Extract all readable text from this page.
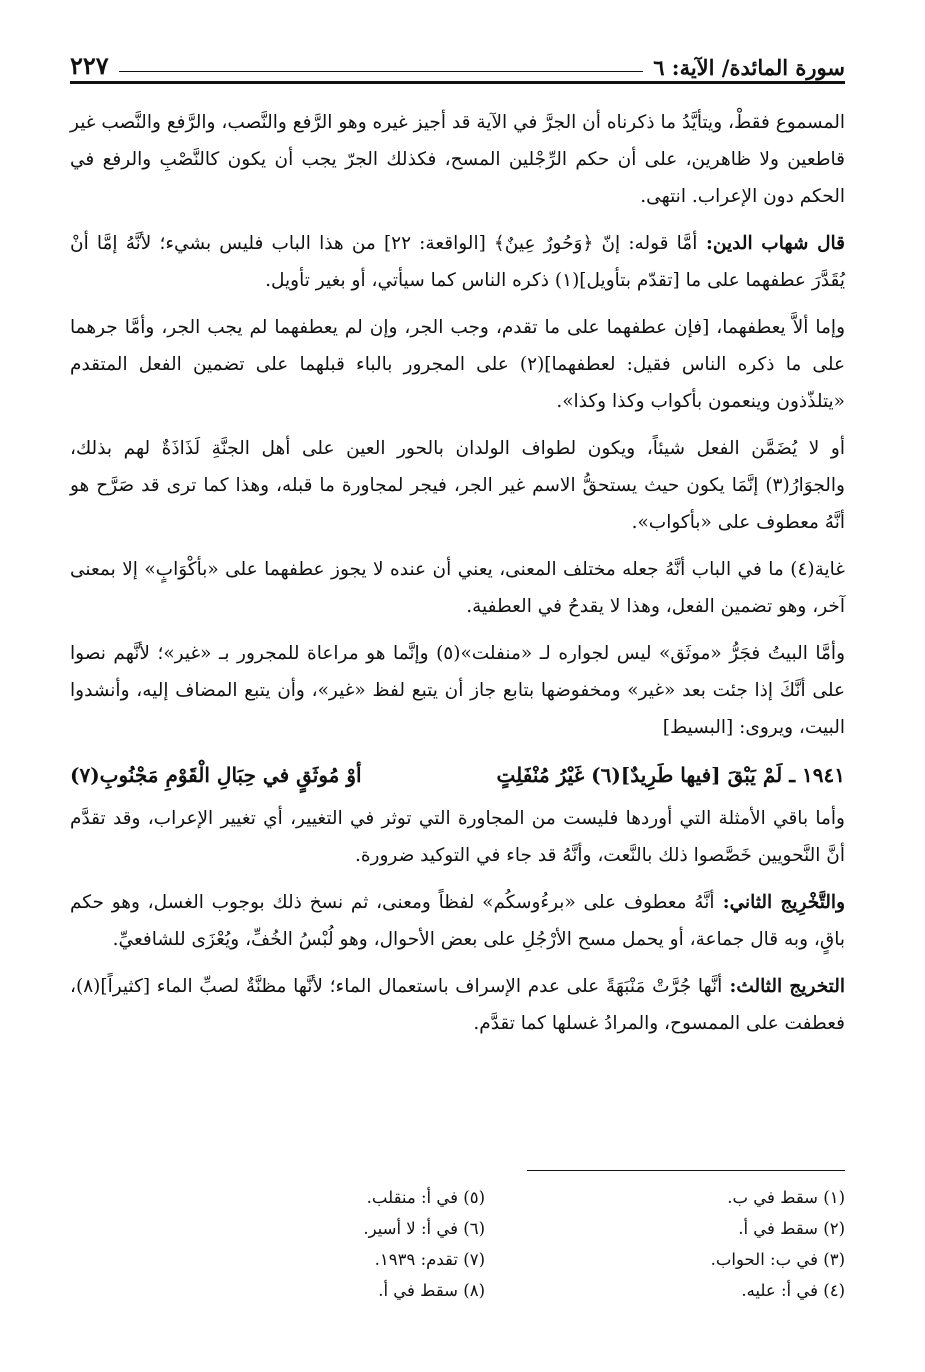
سورة المائدة/ الآية: ٦
٢٢٧

المسموع فقطْ، ويتأيَّدُ ما ذكرناه أن الجرَّ في الآية قد أجيز غيره وهو الرَّفع والنَّصب، والرَّفع والنَّصب غير قاطعين ولا ظاهرين، على أن حكم الرِّجْلين المسح، فكذلك الجرّ يجب أن يكون كالنَّصْبِ والرفع في الحكم دون الإعراب. انتهى.

قال شهاب الدين: أمَّا قوله: إنّ ﴿وَحُورٌ عِينٌ﴾ [الواقعة: ٢٢] من هذا الباب فليس بشيء؛ لأنَّهُ إمَّا أنْ يُقَدَّرَ عطفهما على ما [تقدّم بتأويل](١) ذكره الناس كما سيأتي، أو بغير تأويل.

وإما ألاَّ يعطفهما، [فإن عطفهما على ما تقدم، وجب الجر، وإن لم يعطفهما لم يجب الجر، وأمَّا جرهما على ما ذكره الناس فقيل: لعطفهما](٢) على المجرور بالباء قبلهما على تضمين الفعل المتقدم «يتلذّذون وينعمون بأكواب وكذا وكذا».

أو لا يُضَمَّن الفعل شيئاً، ويكون لطواف الولدان بالحور العين على أهل الجنَّةِ لَذَاذَةٌ لهم بذلك، والجوَارُ(٣) إنَّمَا يكون حيث يستحقُّ الاسم غير الجر، فيجر لمجاورة ما قبله، وهذا كما ترى قد صَرَّح هو أنَّهُ معطوف على «بأكواب».

غاية(٤) ما في الباب أنَّهُ جعله مختلف المعنى، يعني أن عنده لا يجوز عطفهما على «بأكْوَابٍ» إلا بمعنى آخر، وهو تضمين الفعل، وهذا لا يقدحُ في العطفية.

وأمَّا البيتُ فجَرُّ «موثَق» ليس لجواره لـ «منفلت»(٥) وإنَّما هو مراعاة للمجرور بـ «غير»؛ لأنَّهم نصوا على أنَّكَ إذا جئت بعد «غير» ومخفوضها بتابع جاز أن يتبع لفظ «غير»، وأن يتبع المضاف إليه، وأنشدوا البيت، ويروى: [البسيط]

١٩٤١ ـ لَمْ يَبْقَ [فيها طَرِيدٌ](٦) غَيْرُ مُنْفَلِتٍ
أوْ مُوثَقٍ في حِبَالِ الْقَوْمِ مَجْنُوبِ(٧)

وأما باقي الأمثلة التي أوردها فليست من المجاورة التي توثر في التغيير، أي تغيير الإعراب، وقد تقدَّم أنَّ النَّحويين خَصَّصوا ذلك بالنَّعت، وأنَّهُ قد جاء في التوكيد ضرورة.

والتَّخْرِيج الثاني: أنَّهُ معطوف على «برءُوسكُم» لفظاً ومعنى، ثم نسخ ذلك بوجوب الغسل، وهو حكم باقٍ، وبه قال جماعة، أو يحمل مسح الأرْجُلِ على بعض الأحوال، وهو لُبْسُ الخُفِّ، ويُعْزَى للشافعيِّ.

التخريج الثالث: أنَّها جُرَّتْ مَنْبَهَةً على عدم الإسراف باستعمال الماء؛ لأنَّها مظنَّةٌ لصبِّ الماء [كثيراً](٨)، فعطفت على الممسوح، والمرادُ غسلها كما تقدَّم.

(١) سقط في ب.
(٢) سقط في أ.
(٣) في ب: الحواب.
(٤) في أ: عليه.
(٥) في أ: منقلب.
(٦) في أ: لا أسير.
(٧) تقدم: ١٩٣٩.
(٨) سقط في أ.
